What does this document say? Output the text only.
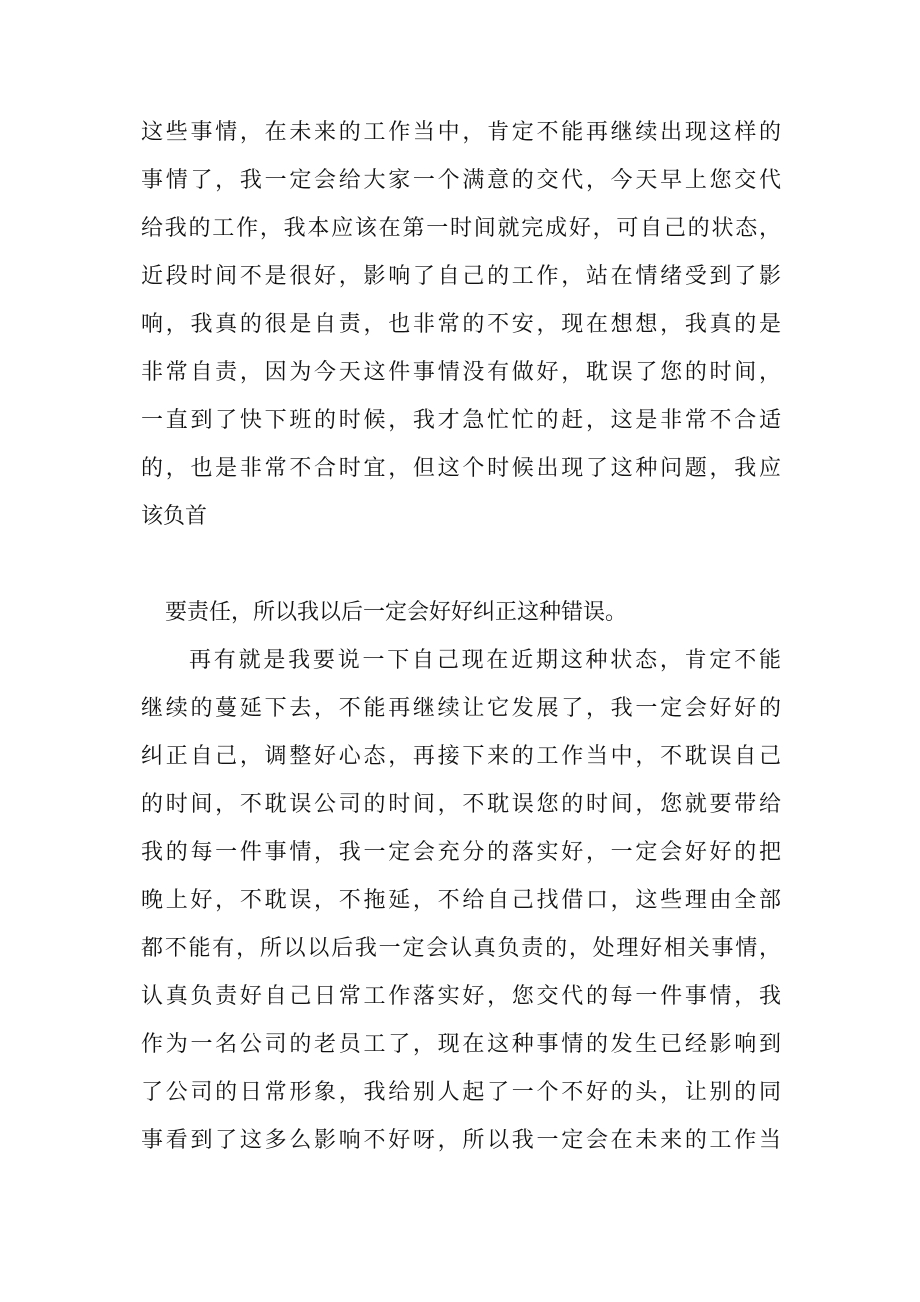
这些事情，在未来的工作当中，肯定不能再继续出现这样的
事情了，我一定会给大家一个满意的交代，今天早上您交代
给我的工作，我本应该在第一时间就完成好，可自己的状态，
近段时间不是很好，影响了自己的工作，站在情绪受到了影
响，我真的很是自责，也非常的不安，现在想想，我真的是
非常自责，因为今天这件事情没有做好，耽误了您的时间，
一直到了快下班的时候，我才急忙忙的赶，这是非常不合适
的，也是非常不合时宜，但这个时候出现了这种问题，我应
该负首
要责任，所以我以后一定会好好纠正这种错误。
再有就是我要说一下自己现在近期这种状态，肯定不能
继续的蔓延下去，不能再继续让它发展了，我一定会好好的
纠正自己，调整好心态，再接下来的工作当中，不耽误自己
的时间，不耽误公司的时间，不耽误您的时间，您就要带给
我的每一件事情，我一定会充分的落实好，一定会好好的把
晚上好，不耽误，不拖延，不给自己找借口，这些理由全部
都不能有，所以以后我一定会认真负责的，处理好相关事情，
认真负责好自己日常工作落实好，您交代的每一件事情，我
作为一名公司的老员工了，现在这种事情的发生已经影响到
了公司的日常形象，我给别人起了一个不好的头，让别的同
事看到了这多么影响不好呀，所以我一定会在未来的工作当
